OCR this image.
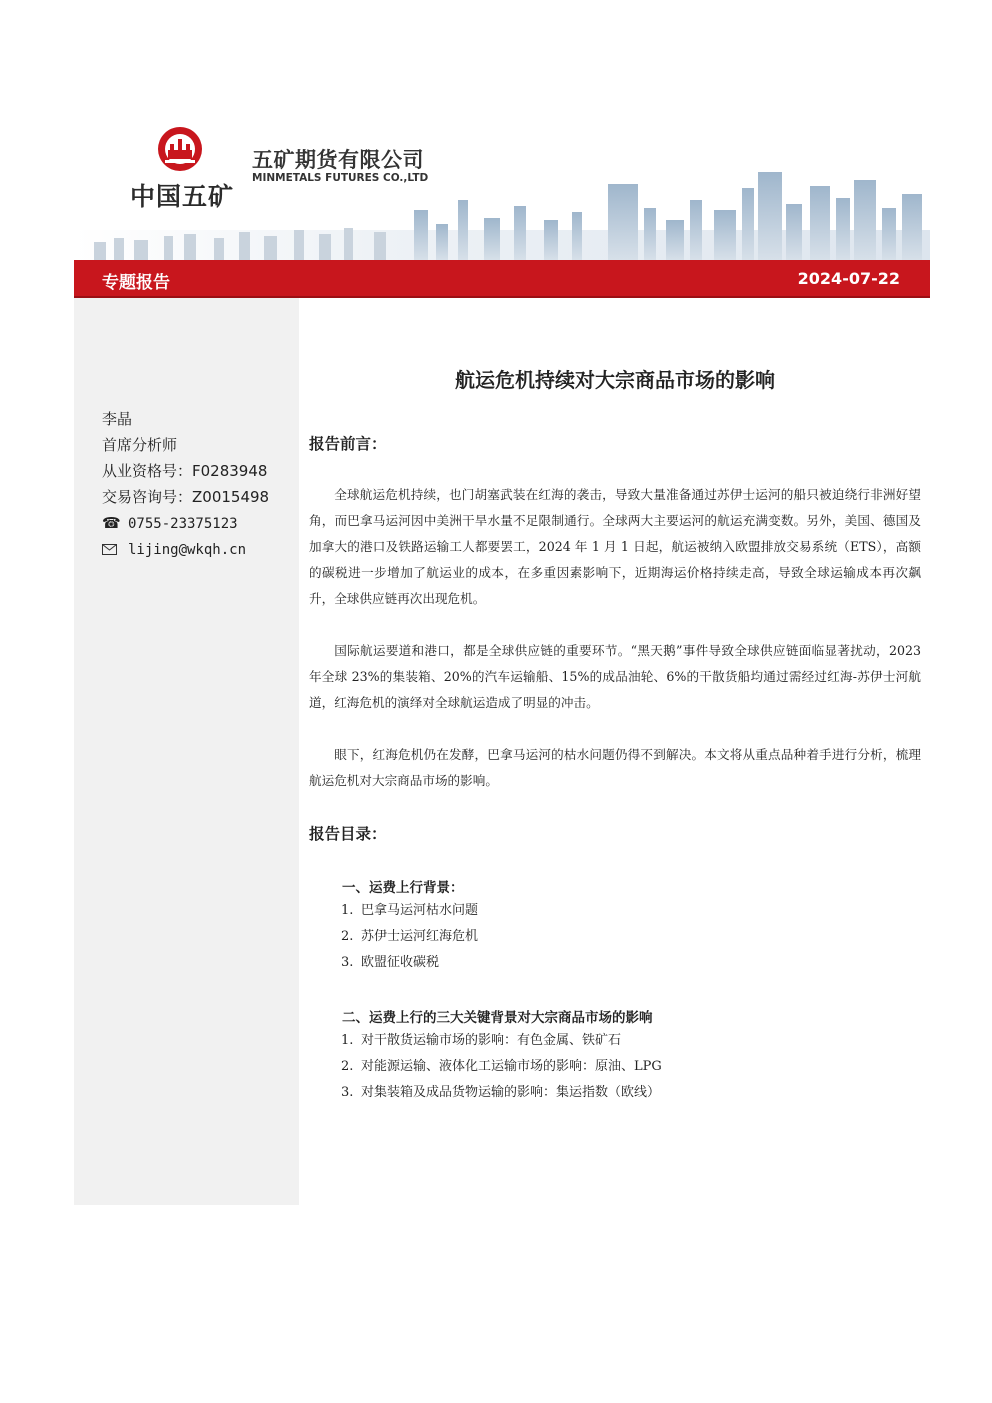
中国五矿
五矿期货有限公司
MINMETALS FUTURES CO.,LTD
专题报告	2024-07-22
李晶
首席分析师
从业资格号：F0283948
交易咨询号：Z0015498
☎ 0755-23375123
lijing@wkqh.cn
航运危机持续对大宗商品市场的影响
报告前言：

全球航运危机持续，也门胡塞武装在红海的袭击，导致大量准备通过苏伊士运河的船只被迫绕行非洲好望角，而巴拿马运河因中美洲干旱水量不足限制通行。全球两大主要运河的航运充满变数。另外，美国、德国及加拿大的港口及铁路运输工人都要罢工，2024 年 1 月 1 日起，航运被纳入欧盟排放交易系统（ETS），高额的碳税进一步增加了航运业的成本，在多重因素影响下，近期海运价格持续走高，导致全球运输成本再次飙升，全球供应链再次出现危机。

国际航运要道和港口，都是全球供应链的重要环节。“黑天鹅”事件导致全球供应链面临显著扰动，2023 年全球 23%的集装箱、20%的汽车运输船、15%的成品油轮、6%的干散货船均通过需经过红海-苏伊士河航道，红海危机的演绎对全球航运造成了明显的冲击。

眼下，红海危机仍在发酵，巴拿马运河的枯水问题仍得不到解决。本文将从重点品种着手进行分析，梳理航运危机对大宗商品市场的影响。

报告目录：
一、运费上行背景：
1. 巴拿马运河枯水问题
2. 苏伊士运河红海危机
3. 欧盟征收碳税
二、运费上行的三大关键背景对大宗商品市场的影响
1. 对干散货运输市场的影响：有色金属、铁矿石
2. 对能源运输、液体化工运输市场的影响：原油、LPG
3. 对集装箱及成品货物运输的影响：集运指数（欧线）
